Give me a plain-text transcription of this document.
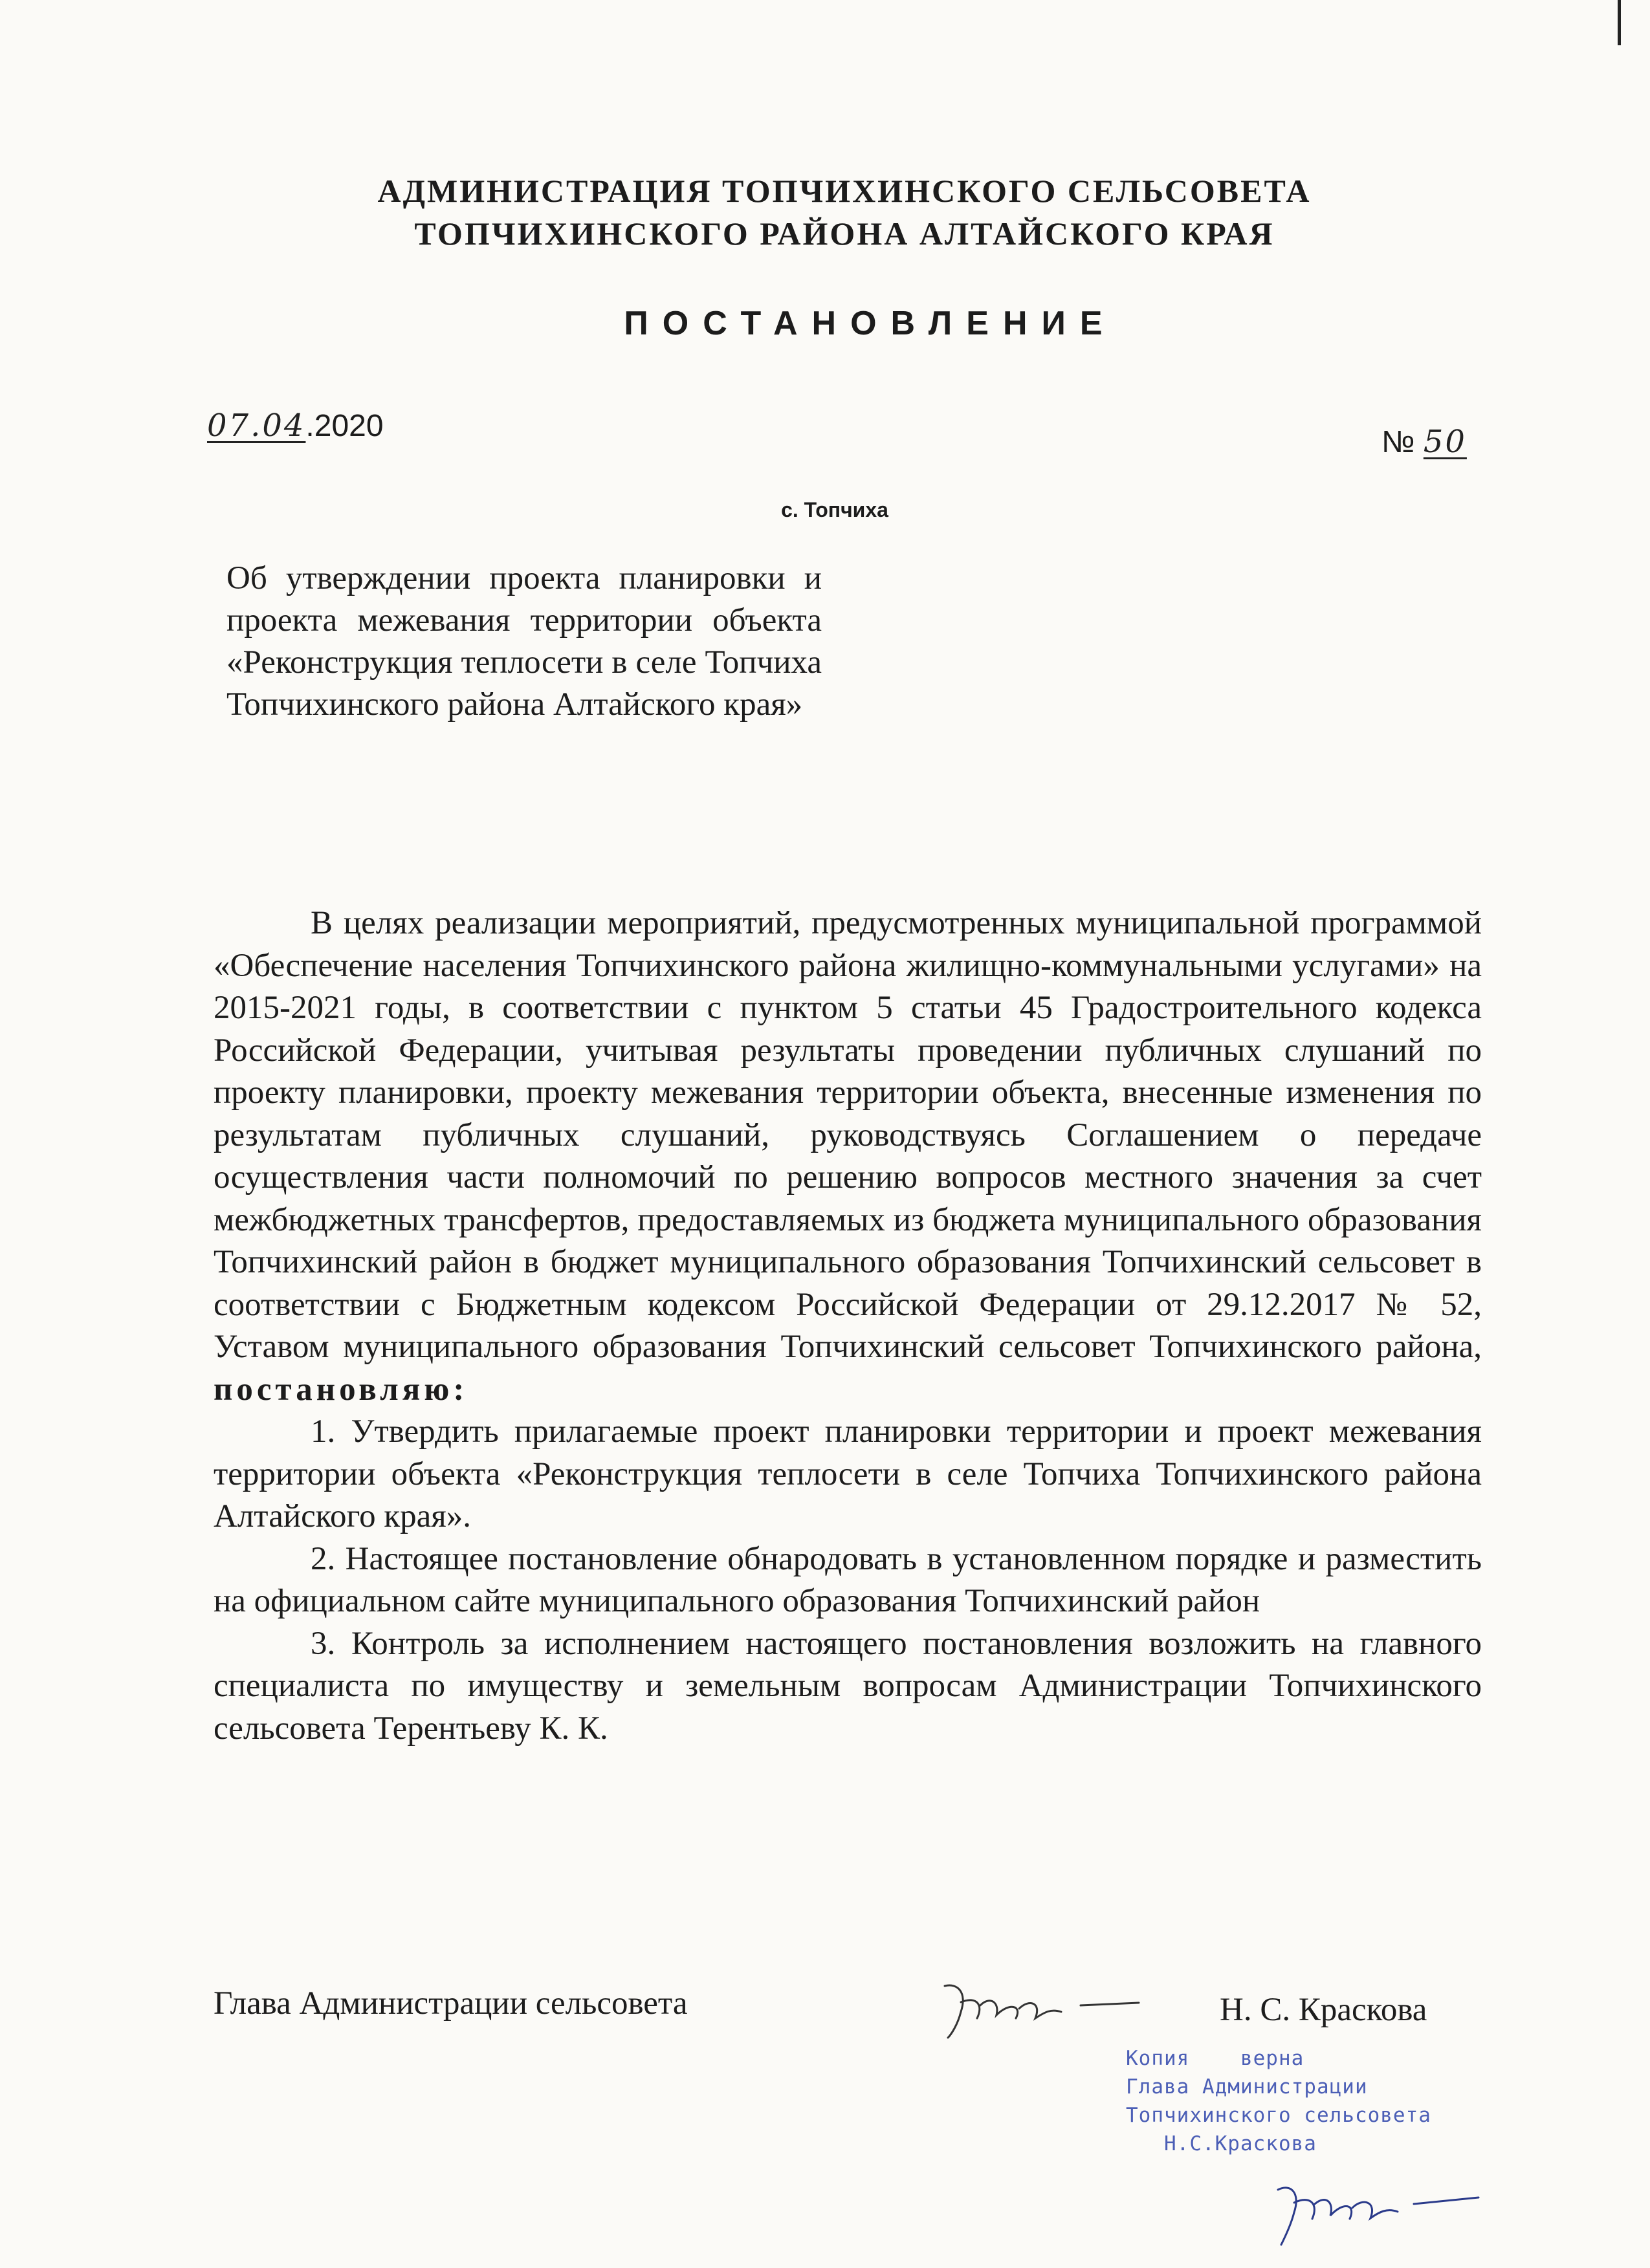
АДМИНИСТРАЦИЯ ТОПЧИХИНСКОГО СЕЛЬСОВЕТА
ТОПЧИХИНСКОГО РАЙОНА АЛТАЙСКОГО КРАЯ
ПОСТАНОВЛЕНИЕ
07.04.2020	№ 50
с. Топчиха
Об утверждении проекта планировки и проекта межевания территории объекта «Реконструкция теплосети в селе Топчиха Топчихинского района Алтайского края»

В целях реализации мероприятий, предусмотренных муниципальной программой «Обеспечение населения Топчихинского района жилищно-коммунальными услугами» на 2015-2021 годы, в соответствии с пунктом 5 статьи 45 Градостроительного кодекса Российской Федерации, учитывая результаты проведении публичных слушаний по проекту планировки, проекту межевания территории объекта, внесенные изменения по результатам публичных слушаний, руководствуясь Соглашением о передаче осуществления части полномочий по решению вопросов местного значения за счет межбюджетных трансфертов, предоставляемых из бюджета муниципального образования Топчихинский район в бюджет муниципального образования Топчихинский сельсовет в соответствии с Бюджетным кодексом Российской Федерации от 29.12.2017 № 52, Уставом муниципального образования Топчихинский сельсовет Топчихинского района, постановляю:

1. Утвердить прилагаемые проект планировки территории и проект межевания территории объекта «Реконструкция теплосети в селе Топчиха Топчихинского района Алтайского края».

2. Настоящее постановление обнародовать в установленном порядке и разместить на официальном сайте муниципального образования Топчихинский район

3. Контроль за исполнением настоящего постановления возложить на главного специалиста по имуществу и земельным вопросам Администрации Топчихинского сельсовета Терентьеву К. К.

Глава Администрации сельсовета	Н. С. Краскова
Копия    верна
Глава Администрации
Топчихинского сельсовета
Н.С.Краскова
